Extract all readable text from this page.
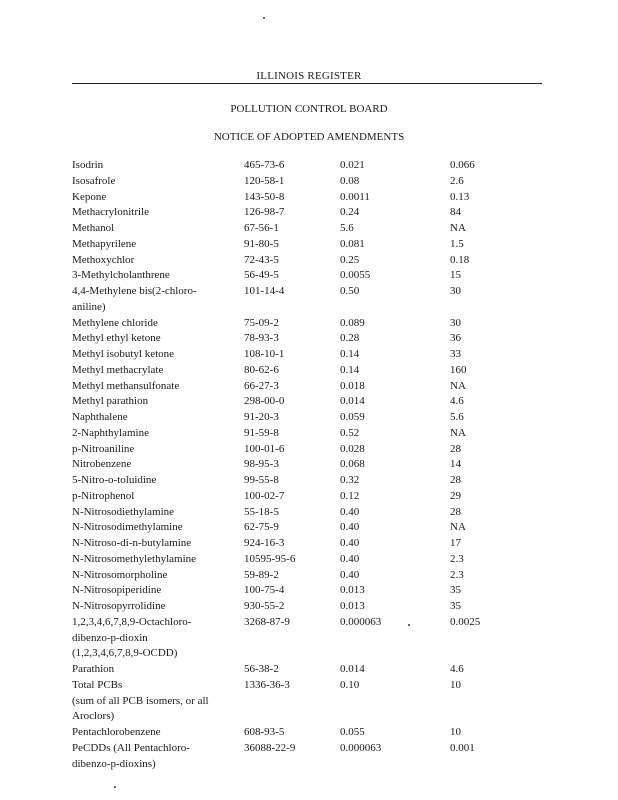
ILLINOIS REGISTER
POLLUTION CONTROL BOARD
NOTICE OF ADOPTED AMENDMENTS
Isodrin	465-73-6	0.021	0.066
Isosafrole	120-58-1	0.08	2.6
Kepone	143-50-8	0.0011	0.13
Methacrylonitrile	126-98-7	0.24	84
Methanol	67-56-1	5.6	NA
Methapyrilene	91-80-5	0.081	1.5
Methoxychlor	72-43-5	0.25	0.18
3-Methylcholanthrene	56-49-5	0.0055	15
4,4-Methylene bis(2-chloro-	101-14-4	0.50	30
aniline)			
Methylene chloride	75-09-2	0.089	30
Methyl ethyl ketone	78-93-3	0.28	36
Methyl isobutyl ketone	108-10-1	0.14	33
Methyl methacrylate	80-62-6	0.14	160
Methyl methansulfonate	66-27-3	0.018	NA
Methyl parathion	298-00-0	0.014	4.6
Naphthalene	91-20-3	0.059	5.6
2-Naphthylamine	91-59-8	0.52	NA
p-Nitroaniline	100-01-6	0.028	28
Nitrobenzene	98-95-3	0.068	14
5-Nitro-o-toluidine	99-55-8	0.32	28
p-Nitrophenol	100-02-7	0.12	29
N-Nitrosodiethylamine	55-18-5	0.40	28
N-Nitrosodimethylamine	62-75-9	0.40	NA
N-Nitroso-di-n-butylamine	924-16-3	0.40	17
N-Nitrosomethylethylamine	10595-95-6	0.40	2.3
N-Nitrosomorpholine	59-89-2	0.40	2.3
N-Nitrosopiperidine	100-75-4	0.013	35
N-Nitrosopyrrolidine	930-55-2	0.013	35
1,2,3,4,6,7,8,9-Octachloro-	3268-87-9	0.000063	0.0025
dibenzo-p-dioxin			
(1,2,3,4,6,7,8,9-OCDD)			
Parathion	56-38-2	0.014	4.6
Total PCBs	1336-36-3	0.10	10
(sum of all PCB isomers, or all			
Aroclors)			
Pentachlorobenzene	608-93-5	0.055	10
PeCDDs (All Pentachloro-	36088-22-9	0.000063	0.001
dibenzo-p-dioxins)			
